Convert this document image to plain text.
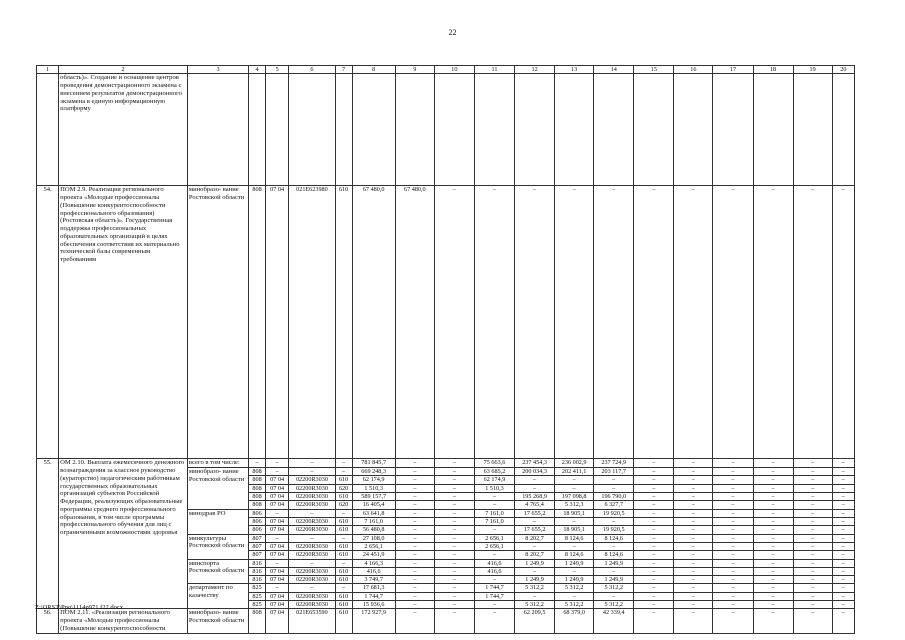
22
1	2	3	4	5	6	7	8	9	10	11	12	13	14	15	16	17	18	19	20
	область)». Создание и оснащение центров проведения демонстрационного экзамена с внесением результатов демонстрационного экзамена в единую информационную платформу																		
54.	ПОМ 2.9. Реализация регионального проекта «Молодые профессионалы (Повышение конкурентоспособности профессионального образования) (Ростовская область)». Государственная поддержка профессиональных образовательных организаций в целях обеспечения соответствия их материально технической базы современным требованиям	минобразо- вание Ростовской области	808	07 04	021E623980	610	67 480,0	67 480,0	–	–	–	–	–	–	–	–	–	–	–
55.	ОМ 2.10. Выплата ежемесячного денежного вознаграждения за классное руководство (кураторство) педагогическим работникам государственных образовательных организаций субъектов Российской Федерации, реализующих образовательные программы среднего профессионального образования, в том числе программы профессионального обучения для лиц с ограниченными возможностями здоровья	всего в том числе:	–	–	–	–	781 845,7	–	–	75 663,6	237 454,3	236 002,9	237 724,9	–	–	–	–	–	–
		минобразо- вание Ростовской области	808	–	–	–	669 248,3	–	–	63 685,2	200 034,3	202 411,1	203 117,7	–	–	–	–	–	–
			808	07 04	02200R3030	610	62 174,9	–	–	62 174,9	–	–	–	–	–	–	–	–	–
			808	07 04	02200R3030	620	1 510,3	–	–	1 510,3	–	–	–	–	–	–	–	–	–
			808	07 04	02200R3030	610	589 157,7	–	–	–	195 268,9	197 098,8	196 790,0	–	–	–	–	–	–
			808	07 04	02200R3030	620	16 405,4	–	–	–	4 765,4	5 312,3	6 327,7	–	–	–	–	–	–
		минздрав РО	806	–	–	–	63 641,8	–	–	7 161,0	17 655,2	18 905,1	19 920,5	–	–	–	–	–	–
			806	07 04	02200R3030	610	7 161,0	–	–	7 161,0	–	–	–	–	–	–	–	–	–
			806	07 04	02200R3030	610	56 480,8	–	–	–	17 655,2	18 905,1	19 920,5	–	–	–	–	–	–
		минкультуры Ростовской области	807	–	–	–	27 108,0	–	–	2 656,1	8 202,7	8 124,6	8 124,6	–	–	–	–	–	–
			807	07 04	02200R3030	610	2 656,1	–	–	2 656,1	–	–	–	–	–	–	–	–	–
			807	07 04	02200R3030	610	24 451,9	–	–	–	8 202,7	8 124,6	8 124,6	–	–	–	–	–	–
		минспорта Ростовской области	816	–	–	–	4 166,3	–	–	416,6	1 249,9	1 249,9	1 249,9	–	–	–	–	–	–
			816	07 04	02200R3030	610	416,6	–	–	416,6	–	–	–	–	–	–	–	–	–
			816	07 04	02200R3030	610	3 749,7	–	–	–	1 249,9	1 249,9	1 249,9	–	–	–	–	–	–
		департамент по казачеству	825	–	–	–	17 681,3	–	–	1 744,7	5 312,2	5 312,2	5 312,2	–	–	–	–	–	–
			825	07 04	02200R3030	610	1 744,7	–	–	1 744,7	–	–	–	–	–	–	–	–	–
			825	07 04	02200R3030	610	15 936,6	–	–	–	5 312,2	5 312,2	5 312,2	–	–	–	–	–	–
56.	ПОМ 2.11. «Реализация регионального проекта «Молодые профессионалы (Повышение конкурентоспособности	минобразо- вание Ростовской области	808	07 04	021E653590	610	172 927,9	–	–	–	62 209,5	68 379,0	42 339,4	–	–	–	–	–	–
Z:\ORST\Ppo\1114p971.f22.docx
